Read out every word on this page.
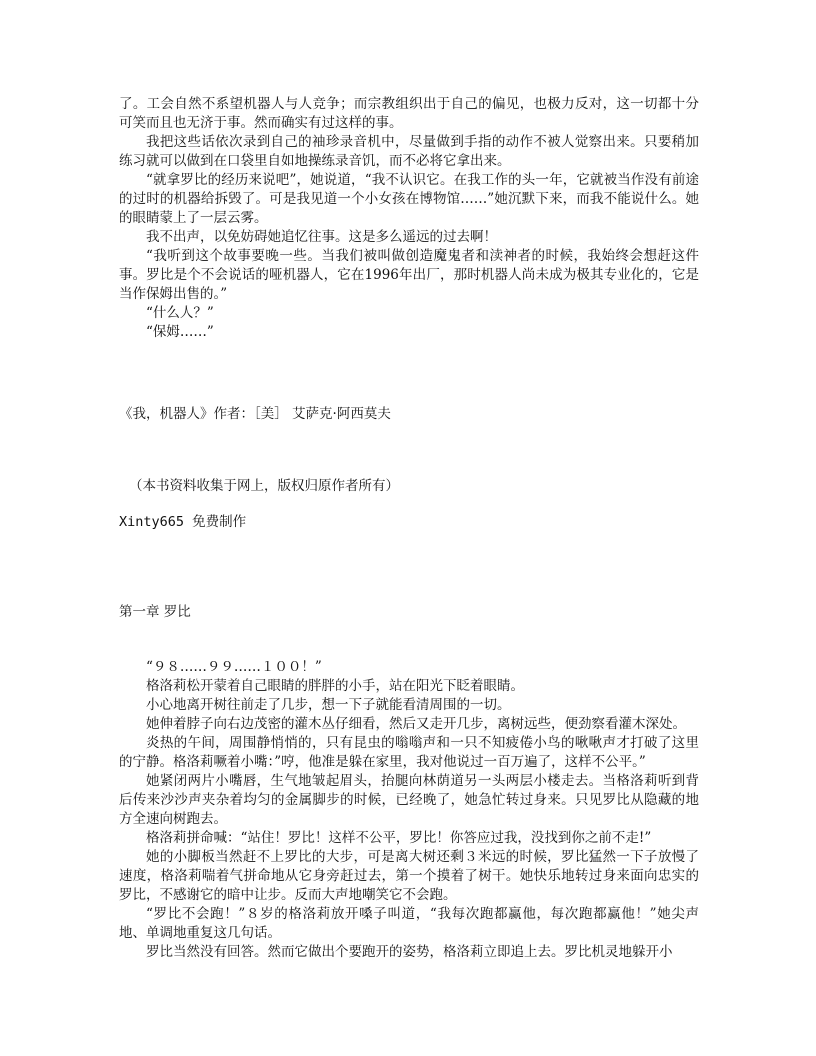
了。工会自然不系望机器人与人竞争；而宗教组织出于自己的偏见，也极力反对，这一切都十分可笑而且也无济于事。然而确实有过这样的事。

我把这些话依次录到自己的袖珍录音机中，尽量做到手指的动作不被人觉察出来。只要稍加练习就可以做到在口袋里自如地操练录音饥，而不必将它拿出来。

“就拿罗比的经历来说吧”，她说道，“我不认识它。在我工作的头一年，它就被当作没有前途的过时的机器给拆毁了。可是我见道一个小女孩在博物馆……”她沉默下来，而我不能说什么。她的眼睛蒙上了一层云雾。

我不出声，以免妨碍她追忆往事。这是多么遥远的过去啊！

“我听到这个故事要晚一些。当我们被叫做创造魔鬼者和渎神者的时候，我始终会想赶这件事。罗比是个不会说话的哑机器人，它在1996年出厂，那时机器人尚未成为极其专业化的，它是当作保姆出售的。”

“什么人？”

“保姆……”

《我，机器人》作者：［美］ 艾萨克·阿西莫夫

（本书资料收集于网上，版权归原作者所有）

Xinty665 免费制作

第一章 罗比

“９８……９９……１００！”

格洛莉松开蒙着自己眼睛的胖胖的小手，站在阳光下眨着眼睛。

小心地离开树往前走了几步，想一下子就能看清周围的一切。

她伸着脖子向右边茂密的灌木丛仔细看，然后又走开几步，离树远些，便劲察看灌木深处。

炎热的午间，周围静悄悄的，只有昆虫的嗡嗡声和一只不知疲倦小鸟的啾啾声才打破了这里的宁静。格洛莉噘着小嘴：”哼，他准是躲在家里，我对他说过一百万遍了，这样不公平。”

她紧闭两片小嘴唇，生气地皱起眉头，抬腿向林荫道另一头两层小楼走去。当格洛莉听到背后传来沙沙声夹杂着均匀的金属脚步的时候，已经晚了，她急忙转过身来。只见罗比从隐藏的地方全速向树跑去。

格洛莉拼命喊：“站住！罗比！这样不公平，罗比！你答应过我，没找到你之前不走!”

她的小脚板当然赶不上罗比的大步，可是离大树还剩３米远的时候，罗比猛然一下子放慢了速度，格洛莉喘着气拼命地从它身旁赶过去，第一个摸着了树干。她快乐地转过身来面向忠实的罗比，不感谢它的暗中让步。反而大声地嘲笑它不会跑。

“罗比不会跑！”８岁的格洛莉放开嗓子叫道，“我每次跑都赢他，每次跑都赢他！”她尖声地、单调地重复这几句话。

罗比当然没有回答。然而它做出个要跑开的姿势，格洛莉立即追上去。罗比机灵地躲开小
